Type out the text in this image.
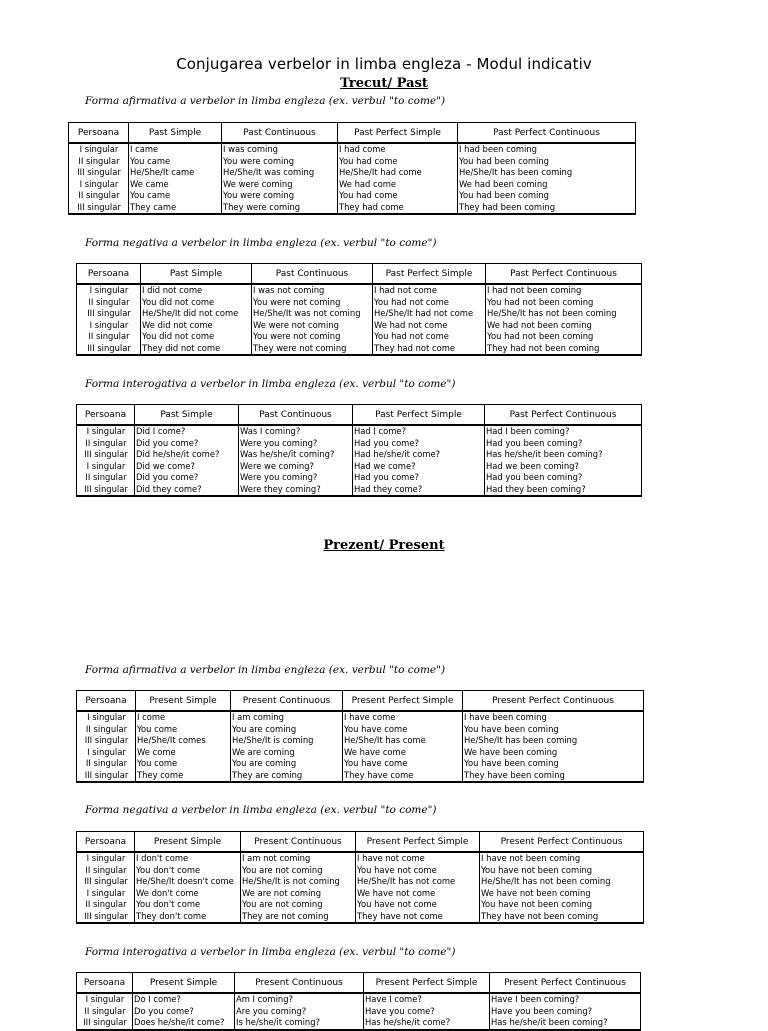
Conjugarea verbelor in limba engleza - Modul indicativ
Trecut/ Past
Forma afirmativa a verbelor in limba engleza (ex. verbul "to come")
Persoana	Past Simple	Past Continuous	Past Perfect Simple	Past Perfect Continuous
I singular	I came	I was coming	I had come	I had been coming
II singular	You came	You were coming	You had come	You had been coming
III singular	He/She/It came	He/She/It was coming	He/She/It had come	He/She/It has been coming
I singular	We came	We were coming	We had come	We had been coming
II singular	You came	You were coming	You had come	You had been coming
III singular	They came	They were coming	They had come	They had been coming
Forma negativa a verbelor in limba engleza (ex. verbul "to come")
Persoana	Past Simple	Past Continuous	Past Perfect Simple	Past Perfect Continuous
I singular	I did not come	I was not coming	I had not come	I had not been coming
II singular	You did not come	You were not coming	You had not come	You had not been coming
III singular	He/She/It did not come	He/She/It was not coming	He/She/It had not come	He/She/It has not been coming
I singular	We did not come	We were not coming	We had not come	We had not been coming
II singular	You did not come	You were not coming	You had not come	You had not been coming
III singular	They did not come	They were not coming	They had not come	They had not been coming
Forma interogativa a verbelor in limba engleza (ex. verbul "to come")
Persoana	Past Simple	Past Continuous	Past Perfect Simple	Past Perfect Continuous
I singular	Did I come?	Was I coming?	Had I come?	Had I been coming?
II singular	Did you come?	Were you coming?	Had you come?	Had you been coming?
III singular	Did he/she/it come?	Was he/she/it coming?	Had he/she/it come?	Has he/she/it been coming?
I singular	Did we come?	Were we coming?	Had we come?	Had we been coming?
II singular	Did you come?	Were you coming?	Had you come?	Had you been coming?
III singular	Did they come?	Were they coming?	Had they come?	Had they been coming?
Prezent/ Present
Forma afirmativa a verbelor in limba engleza (ex. verbul "to come")
Persoana	Present Simple	Present Continuous	Present Perfect Simple	Present Perfect Continuous
I singular	I come	I am coming	I have come	I have been coming
II singular	You come	You are coming	You have come	You have been coming
III singular	He/She/It comes	He/She/It is coming	He/She/It has come	He/She/It has been coming
I singular	We come	We are coming	We have come	We have been coming
II singular	You come	You are coming	You have come	You have been coming
III singular	They come	They are coming	They have come	They have been coming
Forma negativa a verbelor in limba engleza (ex. verbul "to come")
Persoana	Present Simple	Present Continuous	Present Perfect Simple	Present Perfect Continuous
I singular	I don't come	I am not coming	I have not come	I have not been coming
II singular	You don't come	You are not coming	You have not come	You have not been coming
III singular	He/She/It doesn't come	He/She/It is not coming	He/She/It has not come	He/She/It has not been coming
I singular	We don't come	We are not coming	We have not come	We have not been coming
II singular	You don't come	You are not coming	You have not come	You have not been coming
III singular	They don't come	They are not coming	They have not come	They have not been coming
Forma interogativa a verbelor in limba engleza (ex. verbul "to come")
Persoana	Present Simple	Present Continuous	Present Perfect Simple	Present Perfect Continuous
I singular	Do I come?	Am I coming?	Have I come?	Have I been coming?
II singular	Do you come?	Are you coming?	Have you come?	Have you been coming?
III singular	Does he/she/it come?	Is he/she/it coming?	Has he/she/it come?	Has he/she/it been coming?
